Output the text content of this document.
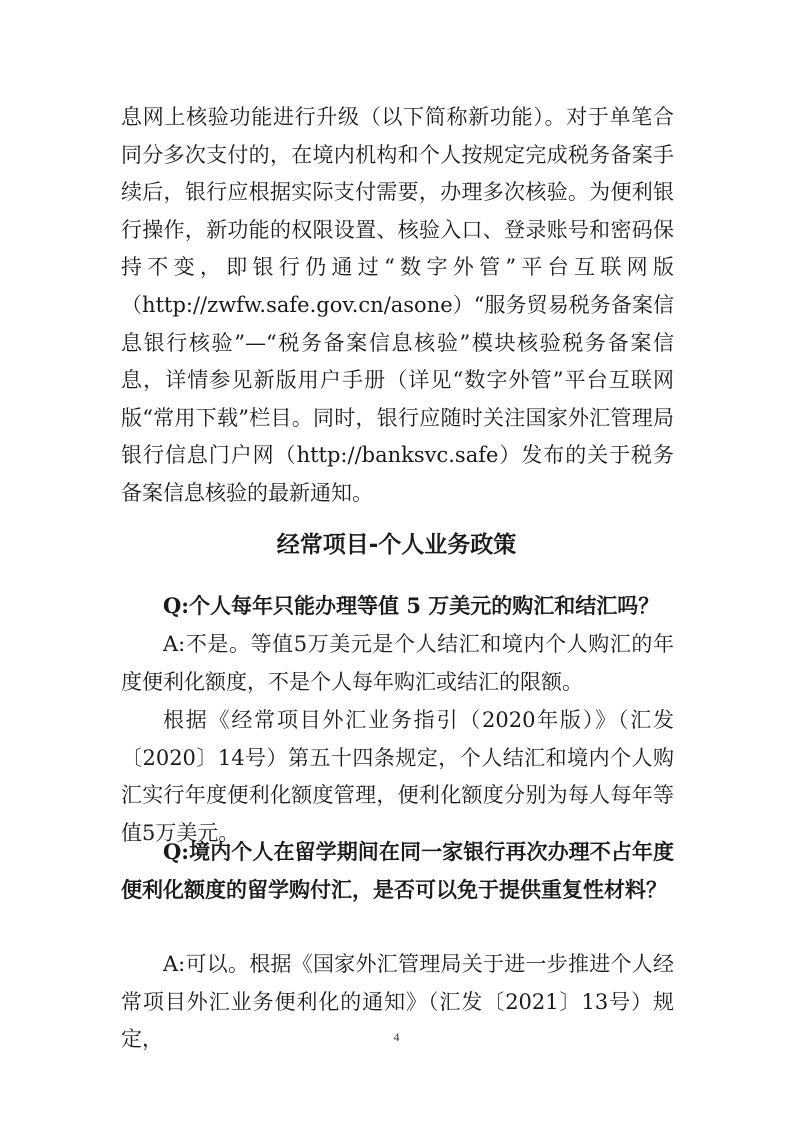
息网上核验功能进行升级（以下简称新功能）。对于单笔合同分多次支付的，在境内机构和个人按规定完成税务备案手续后，银行应根据实际支付需要，办理多次核验。为便利银行操作，新功能的权限设置、核验入口、登录账号和密码保持不变，即银行仍通过“数字外管”平台互联网版（http://zwfw.safe.gov.cn/asone）“服务贸易税务备案信息银行核验”—“税务备案信息核验”模块核验税务备案信息，详情参见新版用户手册（详见“数字外管”平台互联网版“常用下载”栏目。同时，银行应随时关注国家外汇管理局银行信息门户网（http://banksvc.safe）发布的关于税务备案信息核验的最新通知。

经常项目-个人业务政策

Q:个人每年只能办理等值 5 万美元的购汇和结汇吗？

A:不是。等值5万美元是个人结汇和境内个人购汇的年度便利化额度，不是个人每年购汇或结汇的限额。

根据《经常项目外汇业务指引（2020年版）》（汇发〔2020〕14号）第五十四条规定，个人结汇和境内个人购汇实行年度便利化额度管理，便利化额度分别为每人每年等值5万美元。

Q:境内个人在留学期间在同一家银行再次办理不占年度便利化额度的留学购付汇，是否可以免于提供重复性材料？

A:可以。根据《国家外汇管理局关于进一步推进个人经常项目外汇业务便利化的通知》（汇发〔2021〕13号）规定，	4
